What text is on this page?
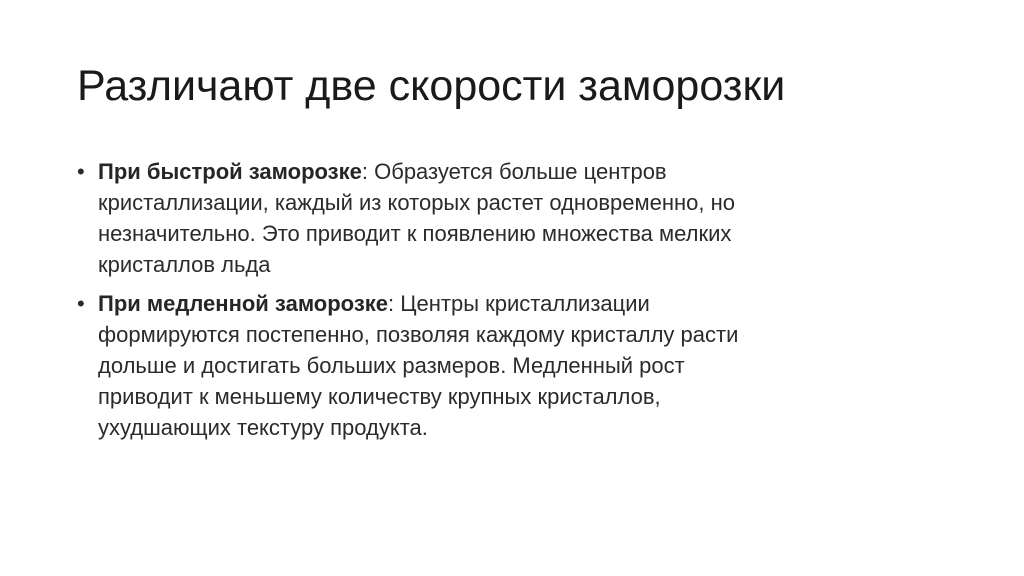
Различают две скорости заморозки
• При быстрой заморозке: Образуется больше центров
кристаллизации, каждый из которых растет одновременно, но
незначительно. Это приводит к появлению множества мелких
кристаллов льда
• При медленной заморозке: Центры кристаллизации
формируются постепенно, позволяя каждому кристаллу расти
дольше и достигать больших размеров. Медленный рост
приводит к меньшему количеству крупных кристаллов,
ухудшающих текстуру продукта.
